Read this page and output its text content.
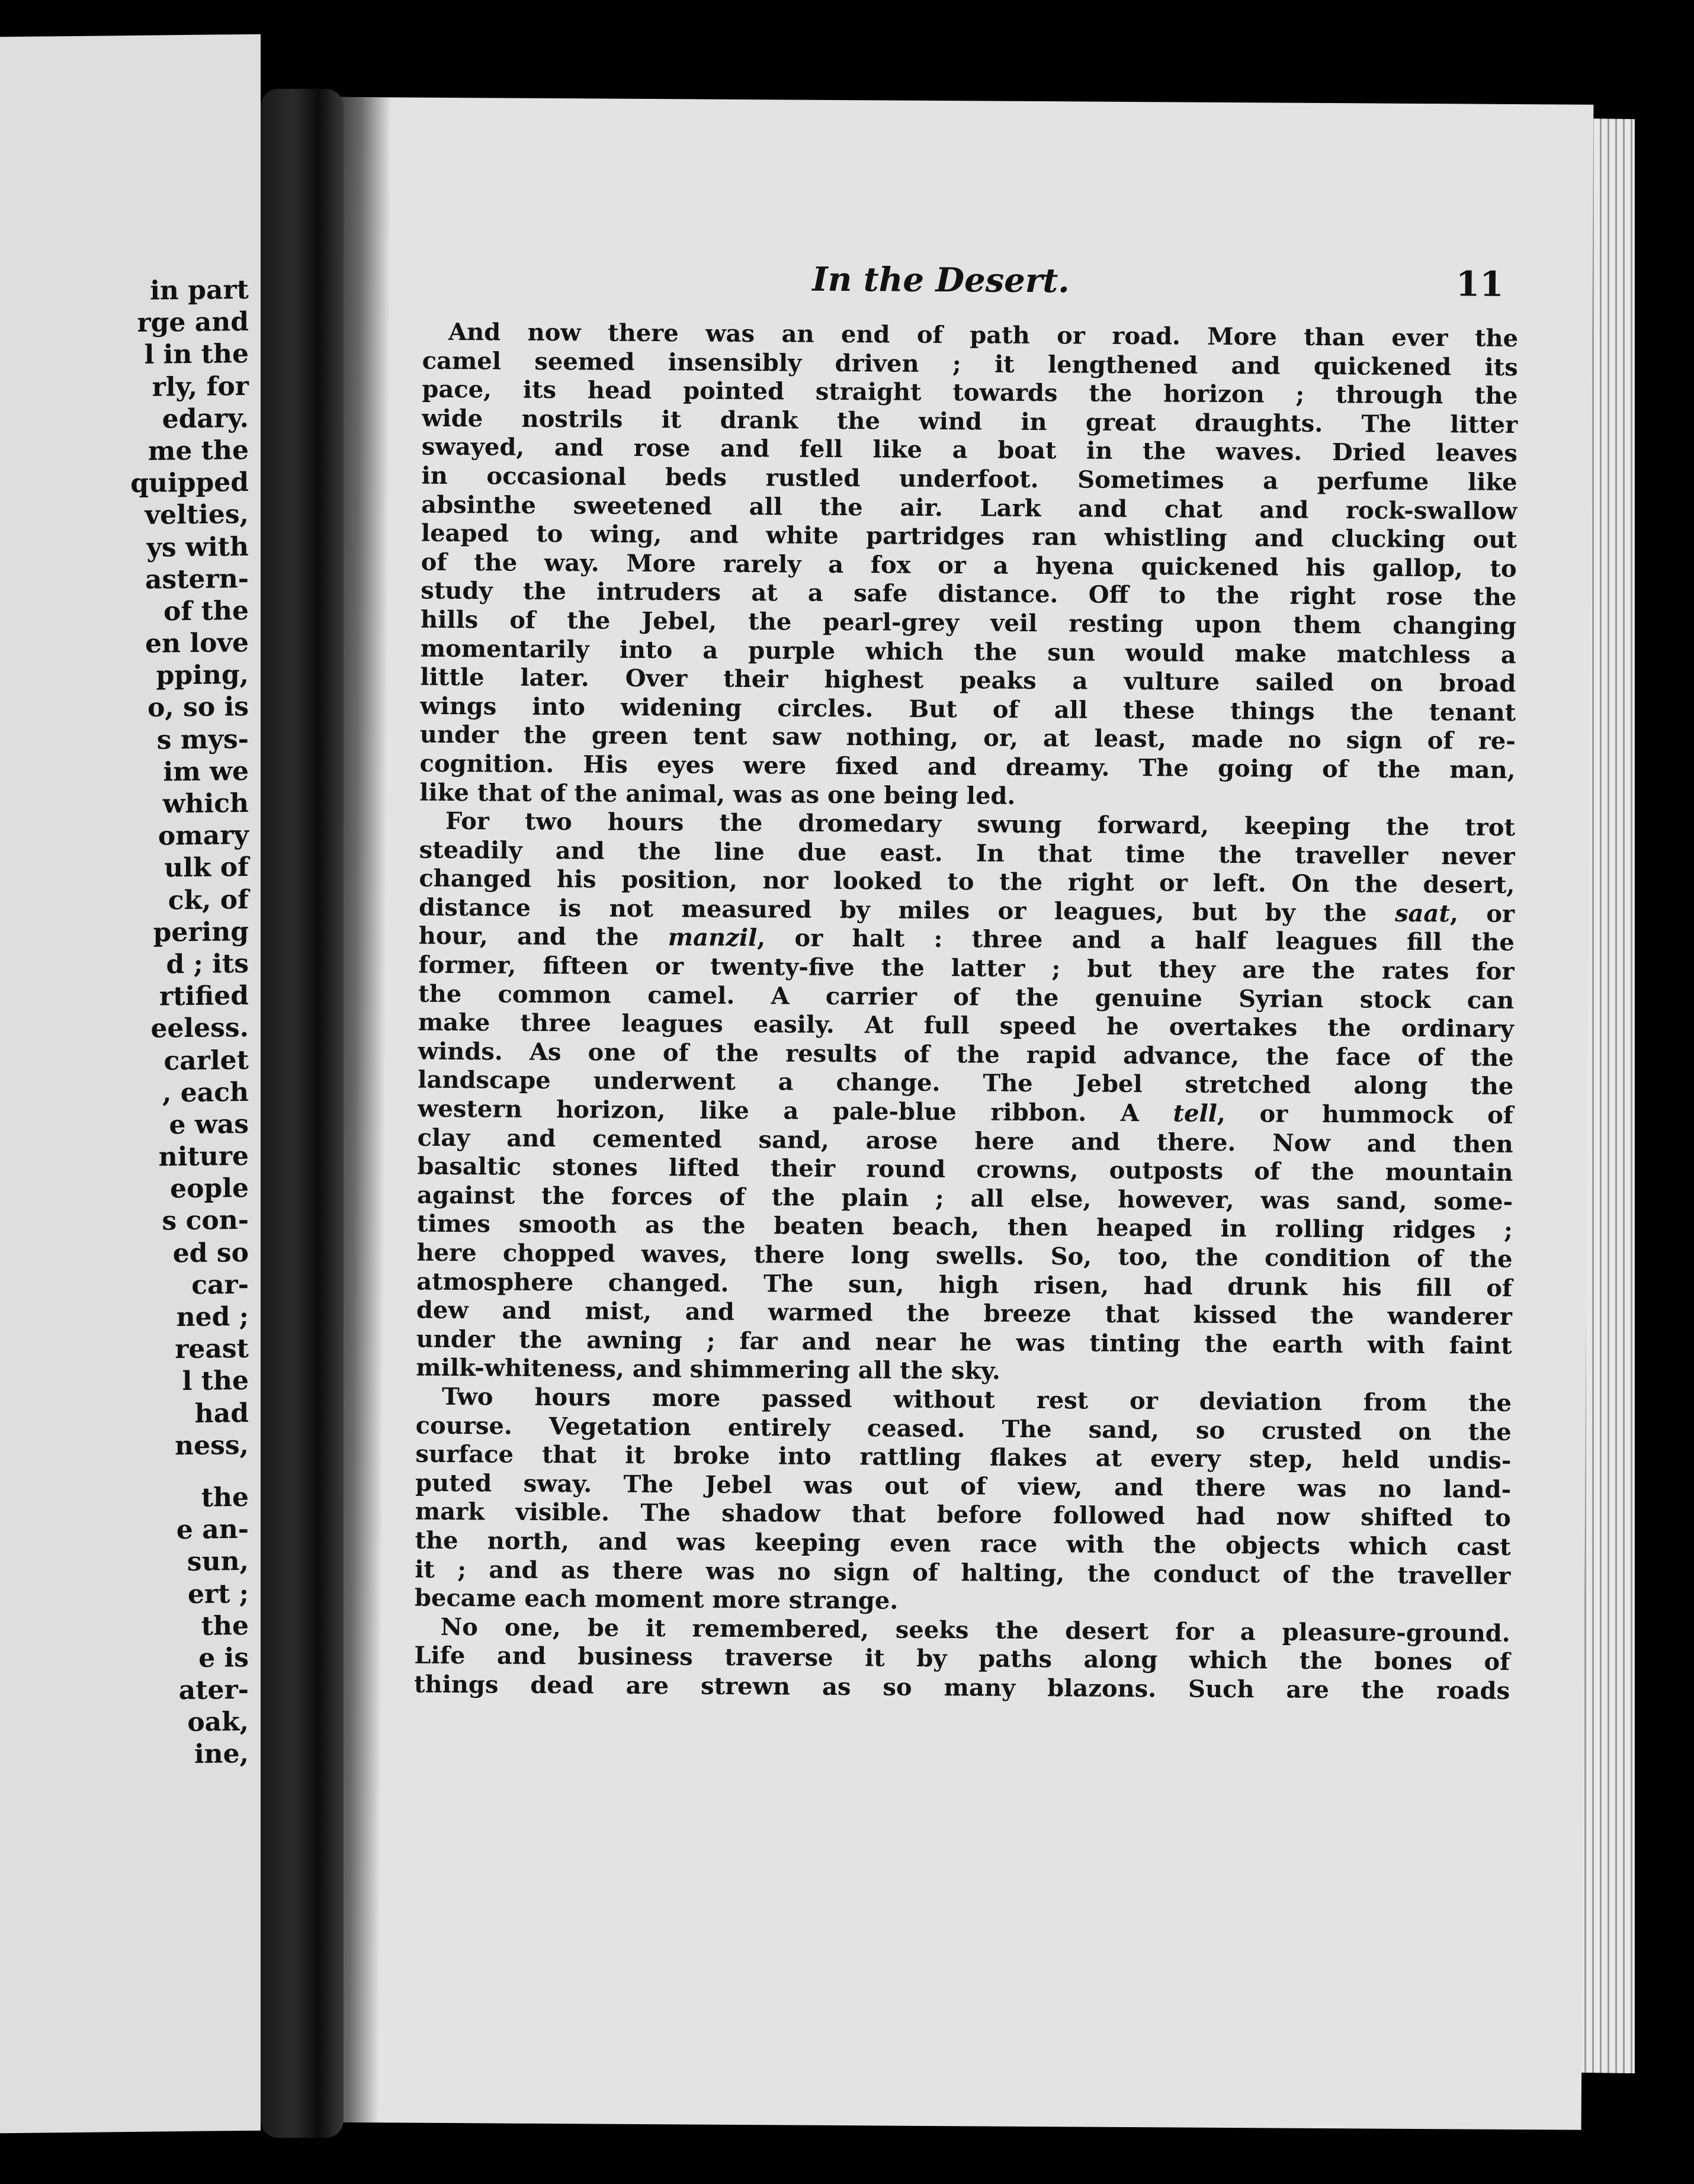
in part
rge and
l in the
rly, for
edary.
me the
quipped
velties,
ys with
astern-
of the
en love
pping,
o, so is
s mys-
im we
which
omary
ulk of
ck, of
pering
d ; its
rtified
eeless.
carlet
, each
e was
niture
eople
s con-
ed so
car-
ned ;
reast
l the
had
ness,
the
e an-
sun,
ert ;
the
e is
ater-
oak,
ine,
In the Desert.	11
And now there was an end of path or road. More than ever the
camel seemed insensibly driven ; it lengthened and quickened its
pace, its head pointed straight towards the horizon ; through the
wide nostrils it drank the wind in great draughts. The litter
swayed, and rose and fell like a boat in the waves. Dried leaves
in occasional beds rustled underfoot. Sometimes a perfume like
absinthe sweetened all the air. Lark and chat and rock-swallow
leaped to wing, and white partridges ran whistling and clucking out
of the way. More rarely a fox or a hyena quickened his gallop, to
study the intruders at a safe distance. Off to the right rose the
hills of the Jebel, the pearl-grey veil resting upon them changing
momentarily into a purple which the sun would make matchless a
little later. Over their highest peaks a vulture sailed on broad
wings into widening circles. But of all these things the tenant
under the green tent saw nothing, or, at least, made no sign of re-
cognition. His eyes were fixed and dreamy. The going of the man,
like that of the animal, was as one being led.
For two hours the dromedary swung forward, keeping the trot
steadily and the line due east. In that time the traveller never
changed his position, nor looked to the right or left. On the desert,
distance is not measured by miles or leagues, but by the saat, or
hour, and the manzil, or halt : three and a half leagues fill the
former, fifteen or twenty-five the latter ; but they are the rates for
the common camel. A carrier of the genuine Syrian stock can
make three leagues easily. At full speed he overtakes the ordinary
winds. As one of the results of the rapid advance, the face of the
landscape underwent a change. The Jebel stretched along the
western horizon, like a pale-blue ribbon. A tell, or hummock of
clay and cemented sand, arose here and there. Now and then
basaltic stones lifted their round crowns, outposts of the mountain
against the forces of the plain ; all else, however, was sand, some-
times smooth as the beaten beach, then heaped in rolling ridges ;
here chopped waves, there long swells. So, too, the condition of the
atmosphere changed. The sun, high risen, had drunk his fill of
dew and mist, and warmed the breeze that kissed the wanderer
under the awning ; far and near he was tinting the earth with faint
milk-whiteness, and shimmering all the sky.
Two hours more passed without rest or deviation from the
course. Vegetation entirely ceased. The sand, so crusted on the
surface that it broke into rattling flakes at every step, held undis-
puted sway. The Jebel was out of view, and there was no land-
mark visible. The shadow that before followed had now shifted to
the north, and was keeping even race with the objects which cast
it ; and as there was no sign of halting, the conduct of the traveller
became each moment more strange.
No one, be it remembered, seeks the desert for a pleasure-ground.
Life and business traverse it by paths along which the bones of
things dead are strewn as so many blazons. Such are the roads
